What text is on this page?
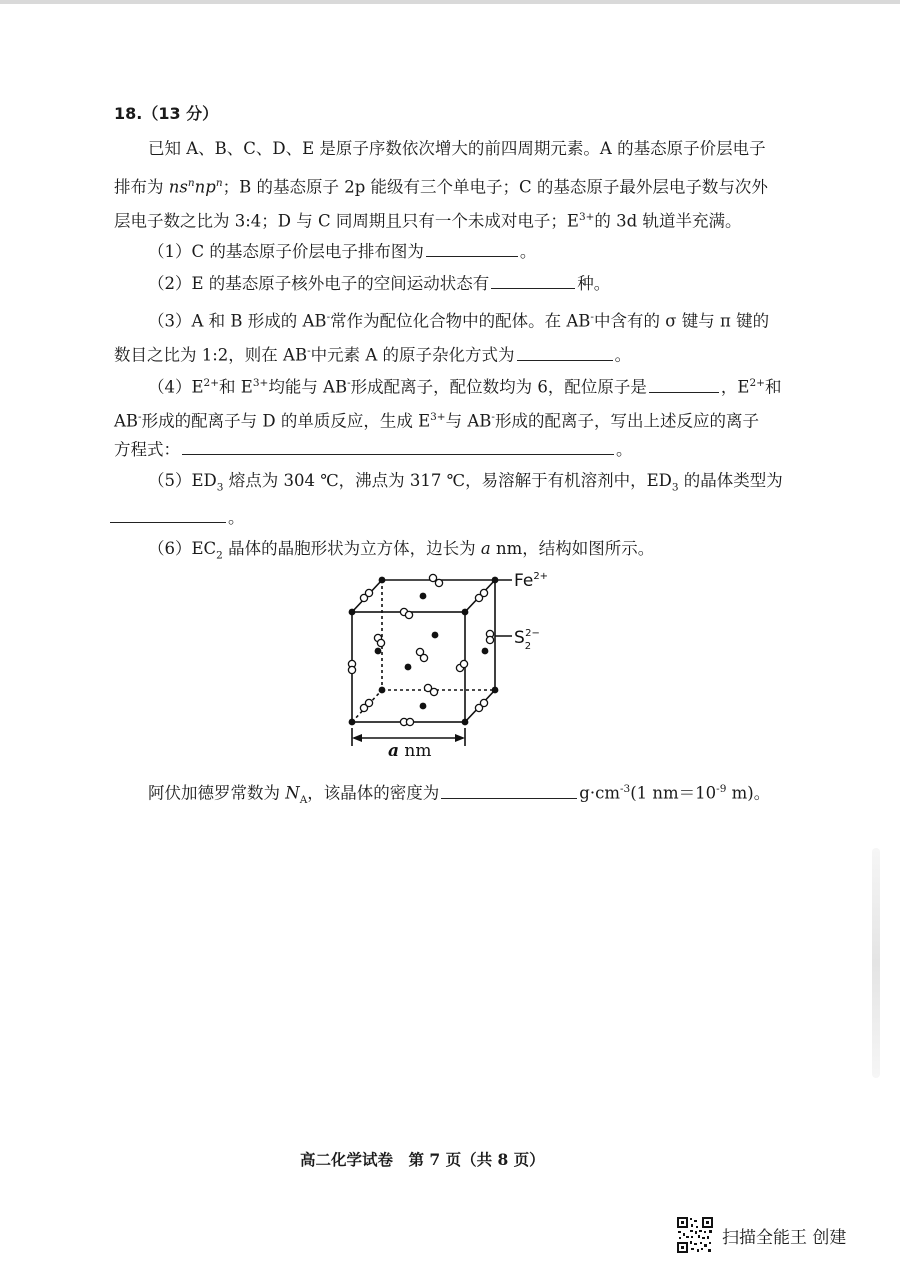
18.（13 分）
已知 A、B、C、D、E 是原子序数依次增大的前四周期元素。A 的基态原子价层电子
排布为 $ns^nnp^n$；B 的基态原子 2p 能级有三个单电子；C 的基态原子最外层电子数与次外
层电子数之比为 3:4；D 与 C 同周期且只有一个未成对电子；$E^{3+}$的 3d 轨道半充满。
（1）C 的基态原子价层电子排布图为	。
（2）E 的基态原子核外电子的空间运动状态有	种。
（3）A 和 B 形成的 AB-常作为配位化合物中的配体。在 AB-中含有的 σ 键与 π 键的
数目之比为 1:2，则在 AB-中元素 A 的原子杂化方式为	。
$(4)E^{2+}$和 $E^{3+}$均能与 AB-形成配离子，配位数均为 6，配位原子是	，$E^{2+}$和
AB-形成的配离子与 D 的单质反应，生成 $E^{3+}$与 AB-形成的配离子，写出上述反应的离子
方程式：	。
$(5)ED_3$ 熔点为 304 ℃，沸点为 317 ℃，易溶解于有机溶剂中，$ED_3$ 的晶体类型为
。
$(6)EC_2$ 晶体的晶胞形状为立方体，边长为 a nm，结构如图所示。
$Fe^{2+}$
$S_22-$
a nm
阿伏加德罗常数为 $N_A$，该晶体的密度为	$g\cdot cm^{-3}(1$ $nm=10^{-9}$ m)。
高二化学试卷　第 7 页（共 8 页）
扫描全能王 创建
